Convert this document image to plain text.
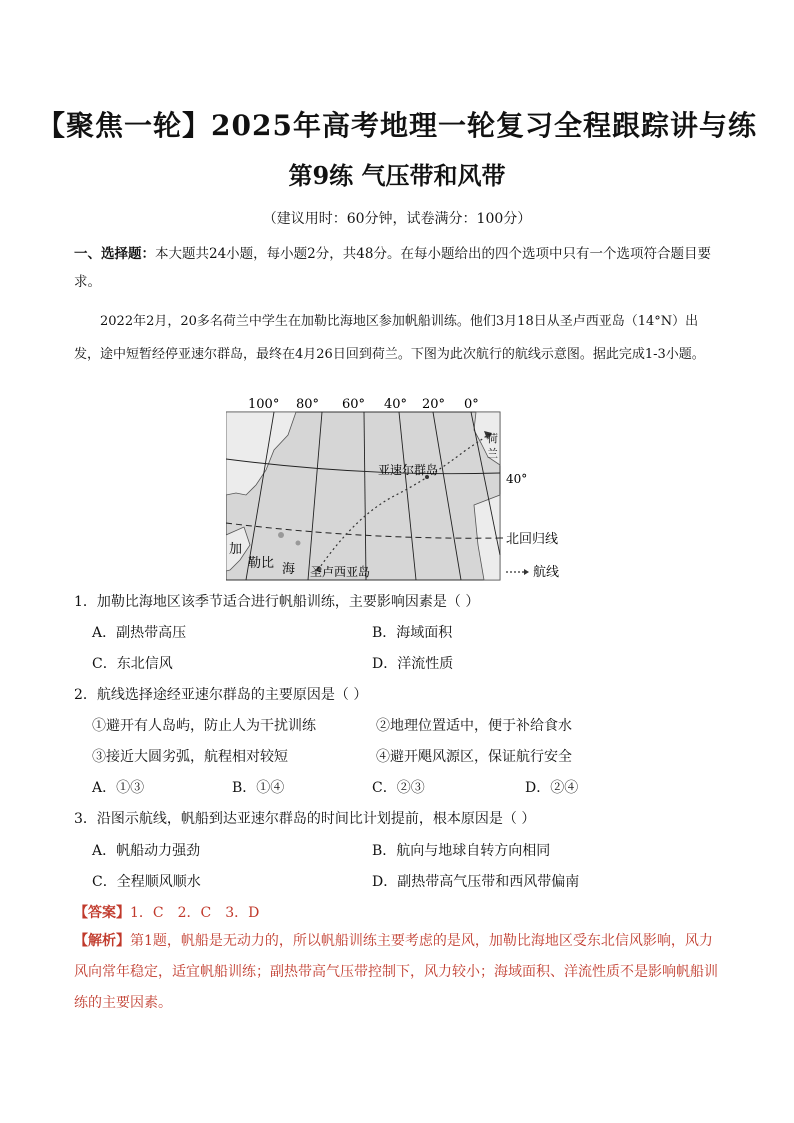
【聚焦一轮】2025年高考地理一轮复习全程跟踪讲与练
第9练 气压带和风带
（建议用时：60分钟，试卷满分：100分）
一、选择题：本大题共24小题，每小题2分，共48分。在每小题给出的四个选项中只有一个选项符合题目要求。
2022年2月，20多名荷兰中学生在加勒比海地区参加帆船训练。他们3月18日从圣卢西亚岛（14°N）出发，途中短暂经停亚速尔群岛，最终在4月26日回到荷兰。下图为此次航行的航线示意图。据此完成1-3小题。
100° 80° 60° 40° 20° 0°
亚速尔群岛
40°
荷
兰
北回归线
加
勒比 海 圣卢西亚岛	航线
1．加勒比海地区该季节适合进行帆船训练，主要影响因素是（ ）
A．副热带高压	B．海域面积
C．东北信风	D．洋流性质
2．航线选择途经亚速尔群岛的主要原因是（ ）
①避开有人岛屿，防止人为干扰训练	②地理位置适中，便于补给食水
③接近大圆劣弧，航程相对较短	④避开飓风源区，保证航行安全
A．①③	B．①④	C．②③	D．②④
3．沿图示航线，帆船到达亚速尔群岛的时间比计划提前，根本原因是（ ）
A．帆船动力强劲	B．航向与地球自转方向相同
C．全程顺风顺水	D．副热带高气压带和西风带偏南
【答案】1．C　2．C　3．D
【解析】第1题，帆船是无动力的，所以帆船训练主要考虑的是风，加勒比海地区受东北信风影响，风力风向常年稳定，适宜帆船训练；副热带高气压带控制下，风力较小；海域面积、洋流性质不是影响帆船训练的主要因素。
